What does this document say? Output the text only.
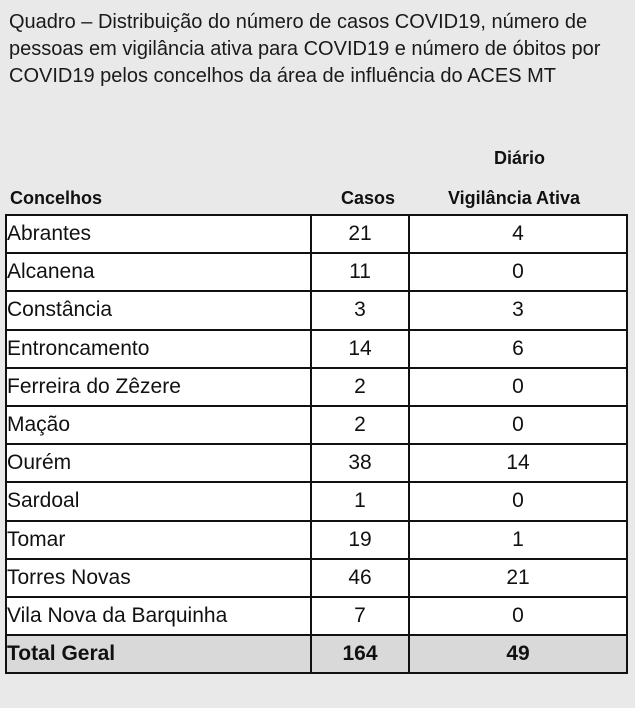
Quadro – Distribuição do número de casos COVID19, número de pessoas em vigilância ativa para COVID19 e número de óbitos por COVID19 pelos concelhos da área de influência do ACES MT
Diário
Concelhos	Casos	Vigilância Ativa
Abrantes	21	4
Alcanena	11	0
Constância	3	3
Entroncamento	14	6
Ferreira do Zêzere	2	0
Mação	2	0
Ourém	38	14
Sardoal	1	0
Tomar	19	1
Torres Novas	46	21
Vila Nova da Barquinha	7	0
Total Geral	164	49
